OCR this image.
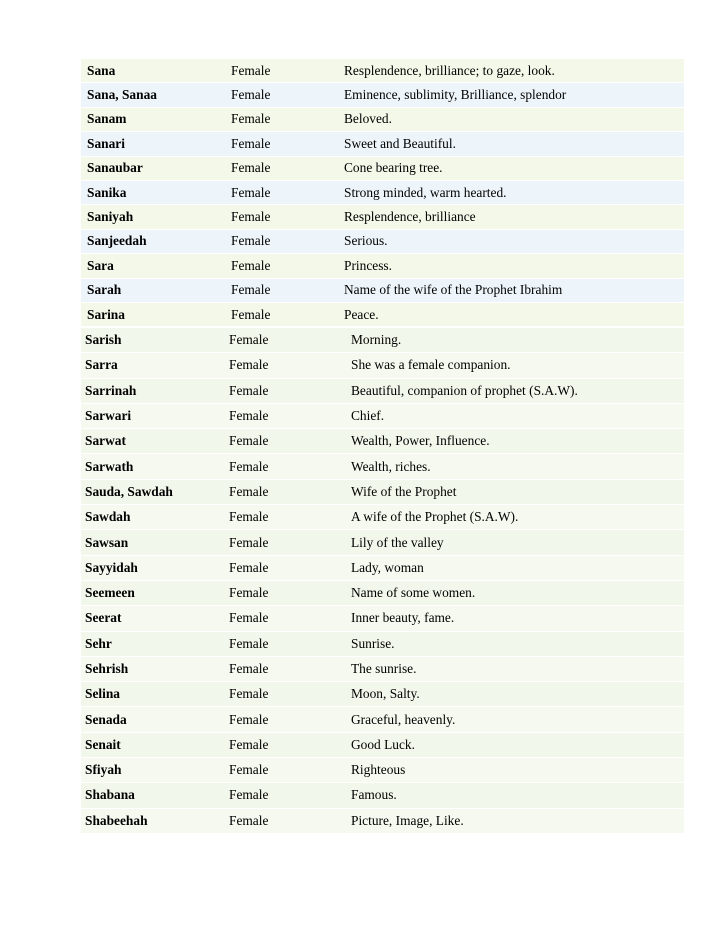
Sana	Female	Resplendence, brilliance; to gaze, look.
Sana, Sanaa	Female	Eminence, sublimity, Brilliance, splendor
Sanam	Female	Beloved.
Sanari	Female	Sweet and Beautiful.
Sanaubar	Female	Cone bearing tree.
Sanika	Female	Strong minded, warm hearted.
Saniyah	Female	Resplendence, brilliance
Sanjeedah	Female	Serious.
Sara	Female	Princess.
Sarah	Female	Name of the wife of the Prophet Ibrahim
Sarina	Female	Peace.
Sarish	Female	Morning.
Sarra	Female	She was a female companion.
Sarrinah	Female	Beautiful, companion of prophet (S.A.W).
Sarwari	Female	Chief.
Sarwat	Female	Wealth, Power, Influence.
Sarwath	Female	Wealth, riches.
Sauda, Sawdah	Female	Wife of the Prophet
Sawdah	Female	A wife of the Prophet (S.A.W).
Sawsan	Female	Lily of the valley
Sayyidah	Female	Lady, woman
Seemeen	Female	Name of some women.
Seerat	Female	Inner beauty, fame.
Sehr	Female	Sunrise.
Sehrish	Female	The sunrise.
Selina	Female	Moon, Salty.
Senada	Female	Graceful, heavenly.
Senait	Female	Good Luck.
Sfiyah	Female	Righteous
Shabana	Female	Famous.
Shabeehah	Female	Picture, Image, Like.
